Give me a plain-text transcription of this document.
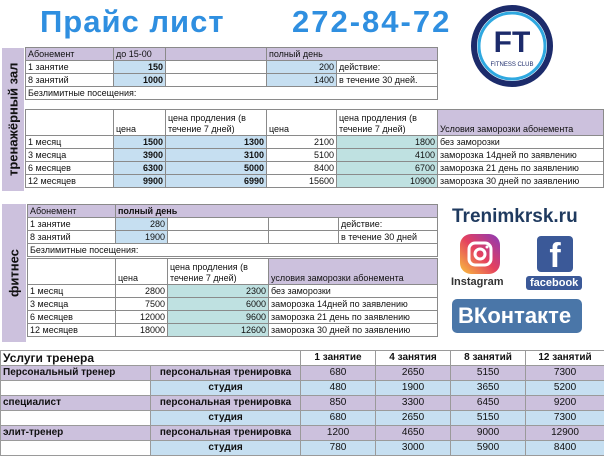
Прайс лист 272-84-72
FT
FITNESS CLUB
тренажёрный зал
Абонемент	до 15-00		полный день	
1 занятие	150		200	действие:
8 занятий	1000		1400	в течение 30 дней.
Безлимитные посещения:				
	цена	цена продления (в течение 7 дней)	цена	цена продления (в течение 7 дней)	Условия заморозки абонемента
1 месяц	1500	1300	2100	1800	без заморозки
3 месяца	3900	3100	5100	4100	заморозка 14дней по заявлению
6 месяцев	6300	5000	8400	6700	заморозка 21 день по заявлению
12 месяцев	9900	6990	15600	10900	заморозка 30 дней по заявлению
фитнес
Абонемент	полный день			
1 занятие	280			действие:
8 занятий	1900			в течение 30 дней
Безлимитные посещения:				
	цена	цена продления (в течение 7 дней)	условия заморозки абонемента
1 месяц	2800	2300	без заморозки
3 месяца	7500	6000	заморозка 14дней по заявлению
6 месяцев	12000	9600	заморозка 21 день по заявлению
12 месяцев	18000	12600	заморозка 30 дней по заявлению
Trenimkrsk.ru
Instagram
f
facebook
ВКонтакте
Услуги тренера		1 занятие	4 занятия	8 занятий	12 занятий
Персональный тренер	персональная тренировка	680	2650	5150	7300
	студия	480	1900	3650	5200
специалист	персональная тренировка	850	3300	6450	9200
	студия	680	2650	5150	7300
элит-тренер	персональная тренировка	1200	4650	9000	12900
	студия	780	3000	5900	8400
